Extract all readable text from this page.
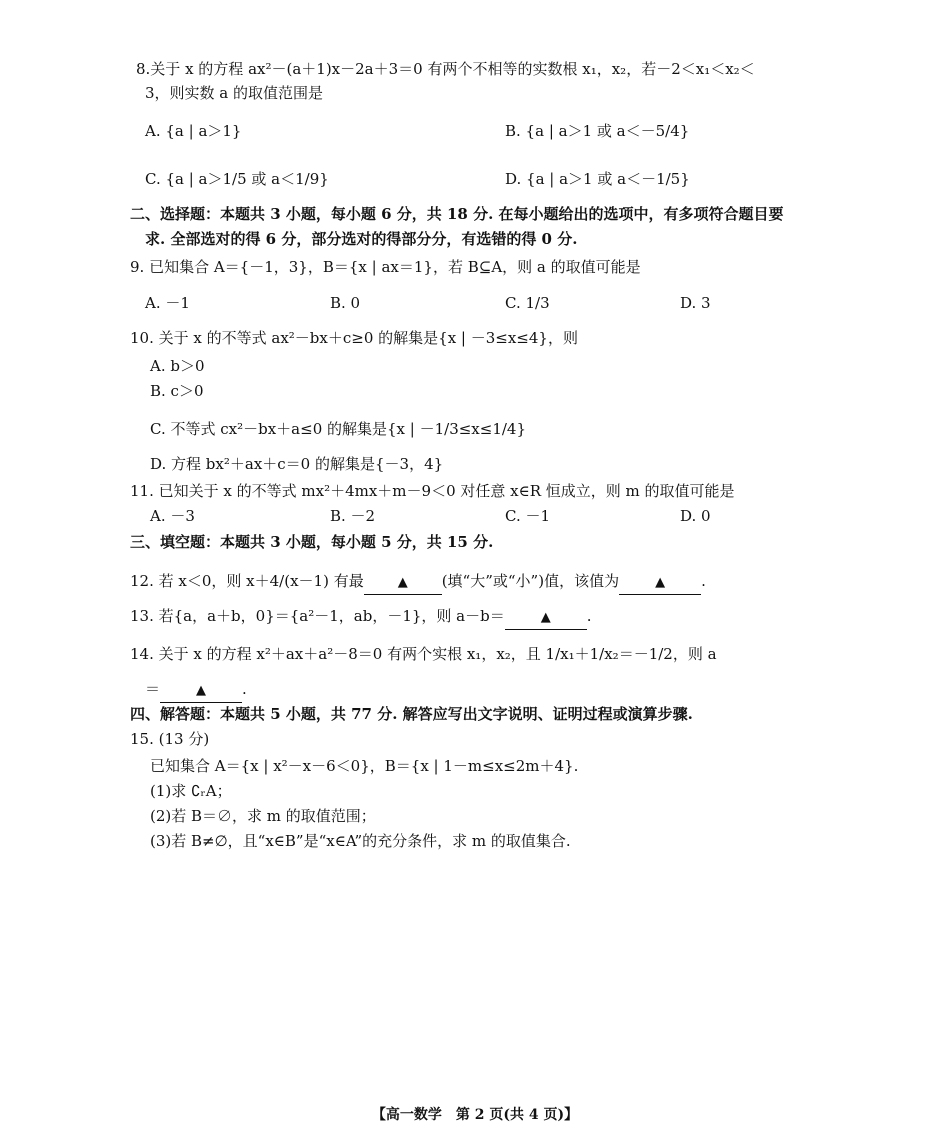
8.关于 x 的方程 ax²－(a＋1)x－2a＋3＝0 有两个不相等的实数根 x₁，x₂，若－2＜x₁＜x₂＜
3，则实数 a 的取值范围是
A. {a | a＞1}	B. {a | a＞1 或 a＜－5/4}
C. {a | a＞1/5 或 a＜1/9}	D. {a | a＞1 或 a＜－1/5}
二、选择题：本题共 3 小题，每小题 6 分，共 18 分. 在每小题给出的选项中，有多项符合题目要
求. 全部选对的得 6 分，部分选对的得部分分，有选错的得 0 分.
9. 已知集合 A＝{－1，3}，B＝{x | ax＝1}，若 B⊆A，则 a 的取值可能是
A. －1	B. 0	C. 1/3	D. 3
10. 关于 x 的不等式 ax²－bx＋c≥0 的解集是{x | －3≤x≤4}，则
A. b＞0
B. c＞0
C. 不等式 cx²－bx＋a≤0 的解集是{x | －1/3≤x≤1/4}
D. 方程 bx²＋ax＋c＝0 的解集是{－3，4}
11. 已知关于 x 的不等式 mx²＋4mx＋m－9＜0 对任意 x∈R 恒成立，则 m 的取值可能是
A. －3	B. －2	C. －1	D. 0
三、填空题：本题共 3 小题，每小题 5 分，共 15 分.
12. 若 x＜0，则 x＋4/(x－1) 有最	▲ (填“大”或“小”)值，该值为	▲ .
13. 若{a，a＋b，0}＝{a²－1，ab，－1}，则 a－b＝	▲ .
14. 关于 x 的方程 x²＋ax＋a²－8＝0 有两个实根 x₁，x₂，且 1/x₁＋1/x₂＝－1/2，则 a
＝	▲ .
四、解答题：本题共 5 小题，共 77 分. 解答应写出文字说明、证明过程或演算步骤.
15. (13 分)
已知集合 A＝{x | x²－x－6＜0}，B＝{x | 1－m≤x≤2m＋4}.
(1)求 ∁ᵣA；
(2)若 B＝∅，求 m 的取值范围；
(3)若 B≠∅，且“x∈B”是“x∈A”的充分条件，求 m 的取值集合.
【高一数学　第 2 页(共 4 页)】
